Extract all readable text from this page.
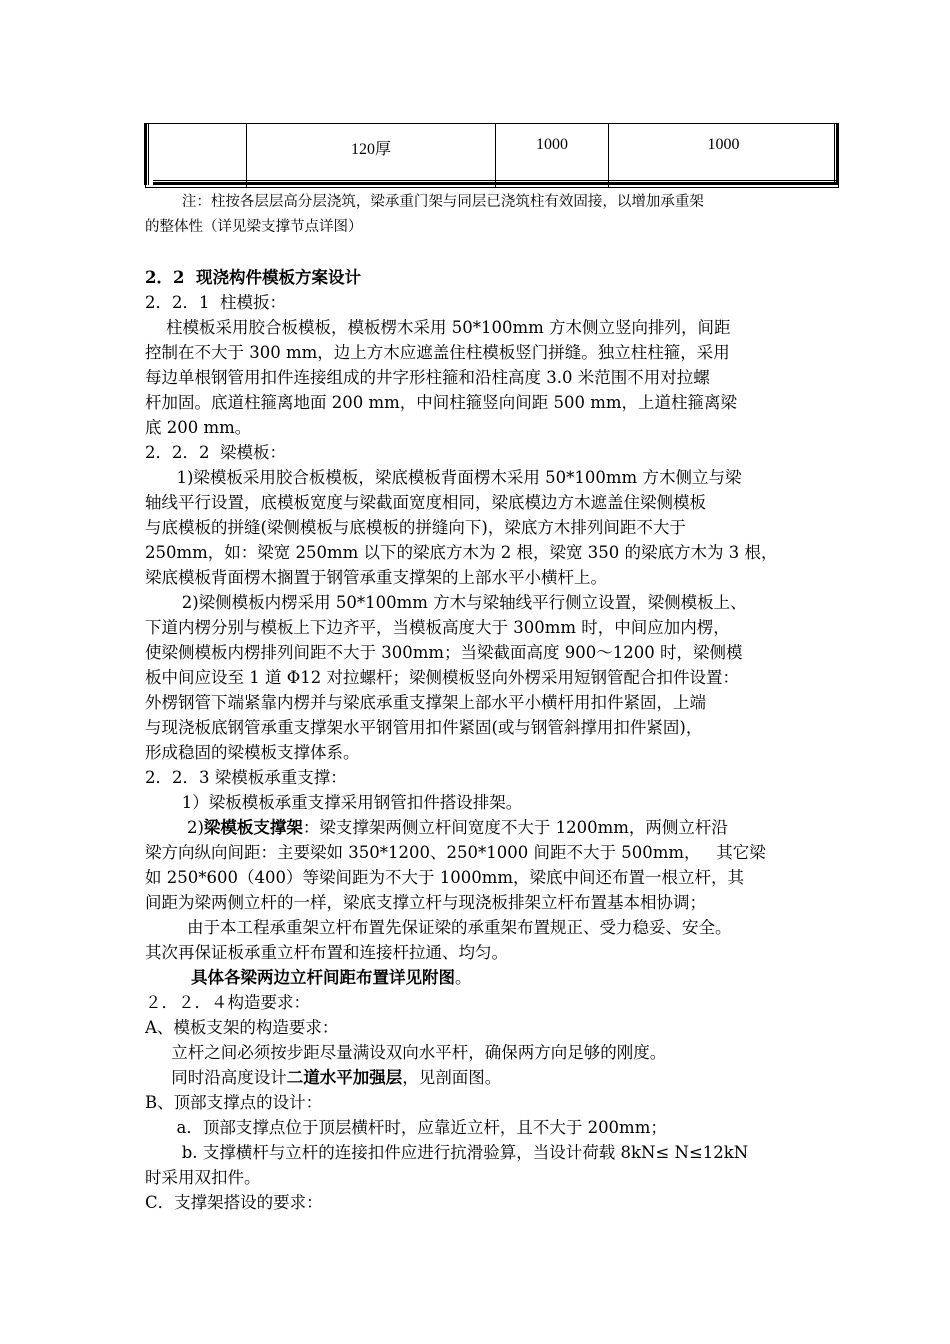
	120厚	1000	1000

注：柱按各层层高分层浇筑，梁承重门架与同层已浇筑柱有效固接，以增加承重架

的整体性（详见梁支撑节点详图）

2．2  现浇构件模板方案设计

2．2．1  柱模扳：

柱模板采用胶合板模板，模板楞木采用 50*100mm 方木侧立竖向排列，间距

控制在不大于 300 mm，边上方木应遮盖住柱模板竖门拼缝。独立柱柱箍，采用

每边单根钢管用扣件连接组成的井字形柱箍和沿柱高度 3.0 米范围不用对拉螺

杆加固。底道柱箍离地面 200 mm，中间柱箍竖向间距 500 mm，上道柱箍离梁

底 200 mm。

2．2．2  梁模板：

1)梁模板采用胶合板模板，梁底模板背面楞木采用 50*100mm 方木侧立与梁

轴线平行设置，底模板宽度与梁截面宽度相同，梁底模边方木遮盖住梁侧模板

与底模板的拼缝(梁侧模板与底模板的拼缝向下)，梁底方木排列间距不大于

250mm，如：梁宽 250mm 以下的梁底方木为 2 根，梁宽 350 的梁底方木为 3 根，

梁底模板背面楞木搁置于钢管承重支撑架的上部水平小横杆上。

2)梁侧模板内楞采用 50*100mm 方木与梁轴线平行侧立设置，梁侧模板上、

下道内楞分别与模板上下边齐平，当模板高度大于 300mm 时，中间应加内楞，

使梁侧模板内楞排列间距不大于 300mm；当梁截面高度 900～1200 时，梁侧模

板中间应设至 1 道 Φ12 对拉螺杆；梁侧模板竖向外楞采用短钢管配合扣件设置：

外楞钢管下端紧靠内楞并与梁底承重支撑架上部水平小横杆用扣件紧固，上端

与现浇板底钢管承重支撑架水平钢管用扣件紧固(或与钢管斜撑用扣件紧固)，

形成稳固的梁模板支撑体系。

2．2．3 梁模板承重支撑：

1）梁板模板承重支撑采用钢管扣件搭设排架。

2)梁模板支撑架：梁支撑架两侧立杆间宽度不大于 1200mm，两侧立杆沿

梁方向纵向间距：主要梁如 350*1200、250*1000 间距不大于 500mm，   其它梁

如 250*600（400）等梁间距为不大于 1000mm，梁底中间还布置一根立杆，其

间距为梁两侧立杆的一样，梁底支撑立杆与现浇板排架立杆布置基本相协调；

由于本工程承重架立杆布置先保证梁的承重架布置规正、受力稳妥、安全。

其次再保证板承重立杆布置和连接杆拉通、均匀。

具体各梁两边立杆间距布置详见附图。

２．２．４构造要求：

A、模板支架的构造要求：

立杆之间必须按步距尽量满设双向水平杆，确保两方向足够的刚度。

同时沿高度设计二道水平加强层，见剖面图。

B、顶部支撑点的设计：

a．顶部支撑点位于顶层横杆时，应靠近立杆，且不大于 200mm；

b. 支撑横杆与立杆的连接扣件应进行抗滑验算，当设计荷载 8kN≤ N≤12kN

时采用双扣件。

C．支撑架搭设的要求：
